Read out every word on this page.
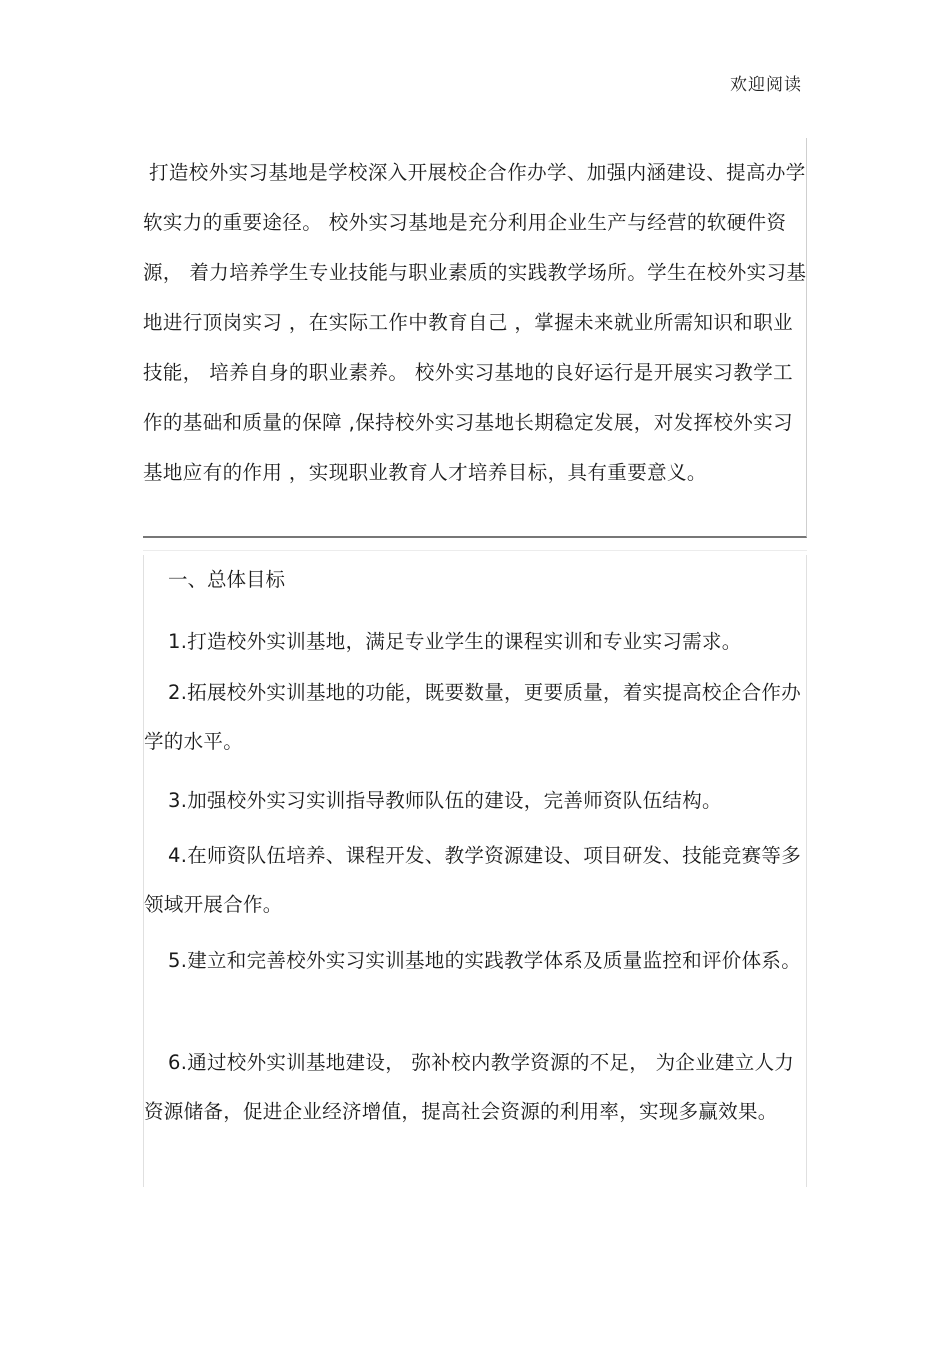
欢迎阅读

打造校外实习基地是学校深入开展校企合作办学、加强内涵建设、提高办学软实力的重要途径。 校外实习基地是充分利用企业生产与经营的软硬件资源， 着力培养学生专业技能与职业素质的实践教学场所。学生在校外实习基地进行顶岗实习 ，在实际工作中教育自己 ，掌握未来就业所需知识和职业技能， 培养自身的职业素养。 校外实习基地的良好运行是开展实习教学工作的基础和质量的保障 ,保持校外实习基地长期稳定发展，对发挥校外实习基地应有的作用 ，实现职业教育人才培养目标，具有重要意义。

一、总体目标

1.打造校外实训基地，满足专业学生的课程实训和专业实习需求。

2.拓展校外实训基地的功能，既要数量，更要质量，着实提高校企合作办学的水平。

3.加强校外实习实训指导教师队伍的建设，完善师资队伍结构。

4.在师资队伍培养、课程开发、教学资源建设、项目研发、技能竞赛等多领域开展合作。

5.建立和完善校外实习实训基地的实践教学体系及质量监控和评价体系。

6.通过校外实训基地建设， 弥补校内教学资源的不足， 为企业建立人力资源储备，促进企业经济增值，提高社会资源的利用率，实现多赢效果。
